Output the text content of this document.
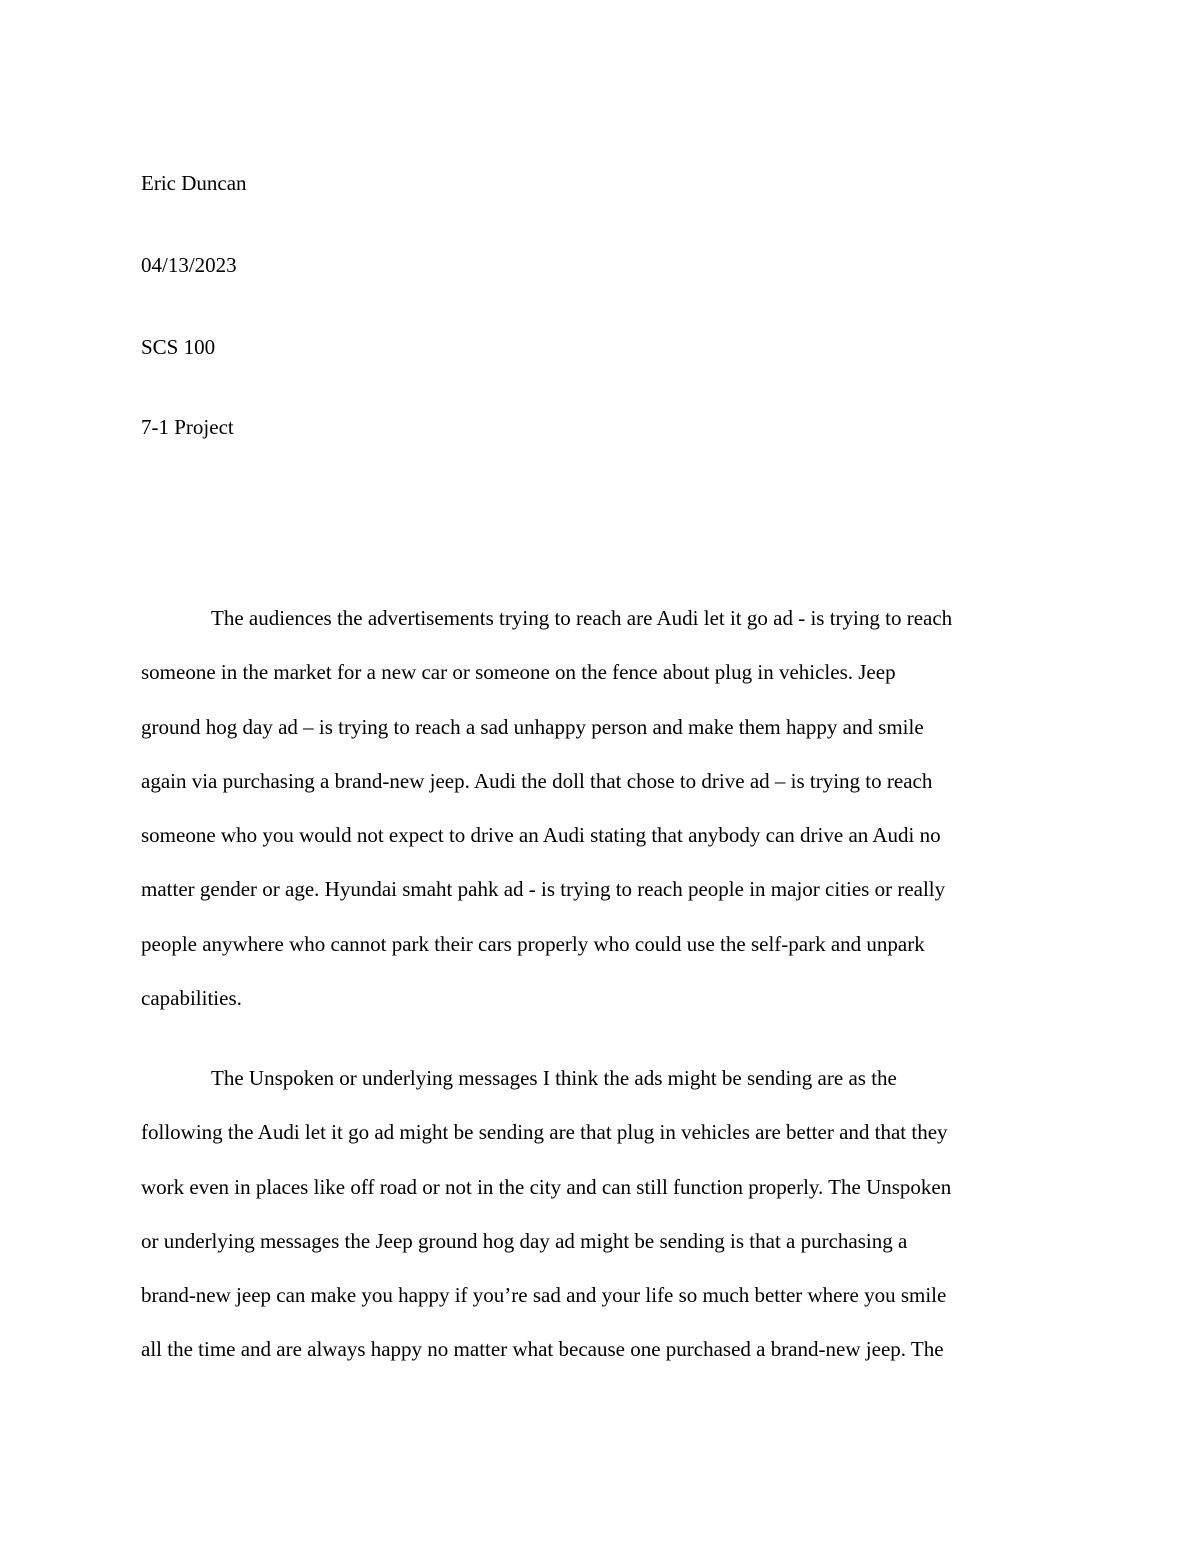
Eric Duncan

04/13/2023

SCS 100

7-1 Project

The audiences the advertisements trying to reach are Audi let it go ad - is trying to reach
someone in the market for a new car or someone on the fence about plug in vehicles. Jeep
ground hog day ad – is trying to reach a sad unhappy person and make them happy and smile
again via purchasing a brand-new jeep. Audi the doll that chose to drive ad – is trying to reach
someone who you would not expect to drive an Audi stating that anybody can drive an Audi no
matter gender or age. Hyundai smaht pahk ad - is trying to reach people in major cities or really
people anywhere who cannot park their cars properly who could use the self-park and unpark
capabilities.
The Unspoken or underlying messages I think the ads might be sending are as the
following the Audi let it go ad might be sending are that plug in vehicles are better and that they
work even in places like off road or not in the city and can still function properly. The Unspoken
or underlying messages the Jeep ground hog day ad might be sending is that a purchasing a
brand-new jeep can make you happy if you’re sad and your life so much better where you smile
all the time and are always happy no matter what because one purchased a brand-new jeep. The
